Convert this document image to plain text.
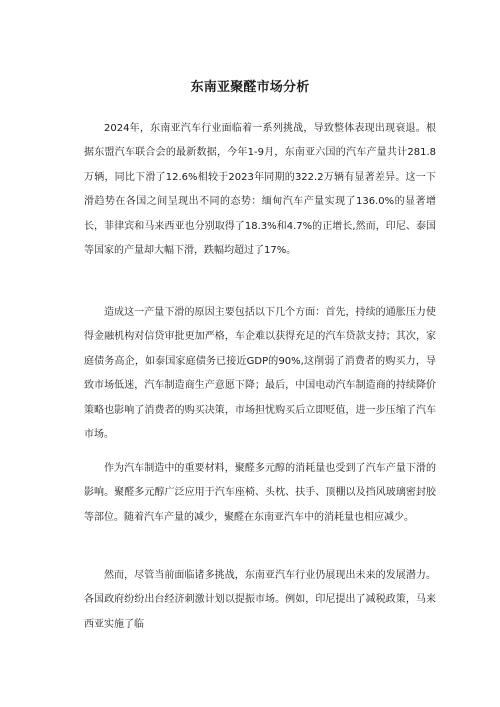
东南亚聚醛市场分析

2024年，东南亚汽车行业面临着一系列挑战，导致整体表现出现衰退。根据东盟汽车联合会的最新数据，今年1-9月，东南亚六国的汽车产量共计281.8万辆，同比下滑了12.6%相较于2023年同期的322.2万辆有显著差异。这一下滑趋势在各国之间呈现出不同的态势：缅甸汽车产量实现了136.0%的显著增长，菲律宾和马来西亚也分别取得了18.3%和4.7%的正增长,然而，印尼、泰国等国家的产量却大幅下滑，跌幅均超过了17%。

造成这一产量下滑的原因主要包括以下几个方面：首先，持续的通胀压力使得金融机构对信贷审批更加严格，车企难以获得充足的汽车贷款支持；其次，家庭债务高企，如泰国家庭债务已接近GDP的90%,这削弱了消费者的购买力，导致市场低迷，汽车制造商生产意愿下降；最后，中国电动汽车制造商的持续降价策略也影响了消费者的购买决策，市场担忧购买后立即贬值，进一步压缩了汽车市场。

作为汽车制造中的重要材料，聚醛多元醇的消耗量也受到了汽车产量下滑的影响。聚醛多元醇广泛应用于汽车座椅、头枕、扶手、顶棚以及挡风玻璃密封胶等部位。随着汽车产量的减少，聚醛在东南亚汽车中的消耗量也相应减少。

然而，尽管当前面临诸多挑战，东南亚汽车行业仍展现出未来的发展潜力。各国政府纷纷出台经济刺激计划以提振市场。例如，印尼提出了减税政策，马来西亚实施了临
